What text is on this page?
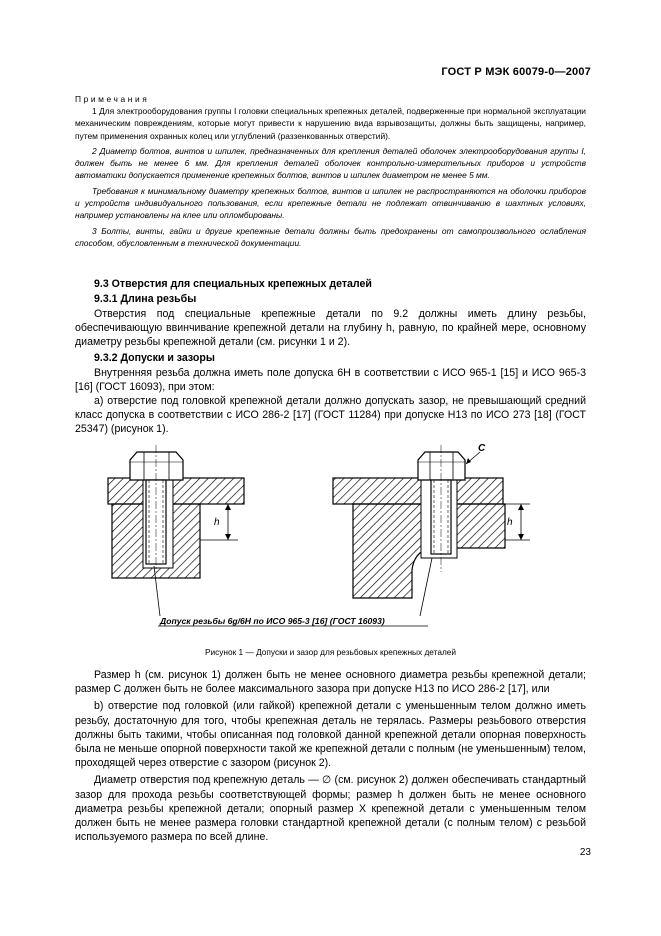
ГОСТ Р МЭК 60079-0—2007

Примечания

1 Для электрооборудования группы I головки специальных крепежных деталей, подверженные при нормальной эксплуатации механическим повреждениям, которые могут привести к нарушению вида взрывозащиты, должны быть защищены, например, путем применения охранных колец или углублений (раззенкованных отверстий).

2 Диаметр болтов, винтов и шпилек, предназначенных для крепления деталей оболочек электрооборудования группы I, должен быть не менее 6 мм. Для крепления деталей оболочек контрольно-измерительных приборов и устройств автоматики допускается применение крепежных болтов, винтов и шпилек диаметром не менее 5 мм.

Требования к минимальному диаметру крепежных болтов, винтов и шпилек не распространяются на оболочки приборов и устройств индивидуального пользования, если крепежные детали не подлежат отвинчиванию в шахтных условиях, например установлены на клее или опломбированы.

3 Болты, винты, гайки и другие крепежные детали должны быть предохранены от самопроизвольного ослабления способом, обусловленным в технической документации.

9.3 Отверстия для специальных крепежных деталей

9.3.1 Длина резьбы

Отверстия под специальные крепежные детали по 9.2 должны иметь длину резьбы, обеспечивающую ввинчивание крепежной детали на глубину h, равную, по крайней мере, основному диаметру резьбы крепежной детали (см. рисунки 1 и 2).

9.3.2 Допуски и зазоры

Внутренняя резьба должна иметь поле допуска 6Н в соответствии с ИСО 965-1 [15] и ИСО 965-3 [16] (ГОСТ 16093), при этом:

а) отверстие под головкой крепежной детали должно допускать зазор, не превышающий средний класс допуска в соответствии с ИСО 286-2 [17] (ГОСТ 11284) при допуске Н13 по ИСО 273 [18] (ГОСТ 25347) (рисунок 1).

h	h
C
Допуск резьбы 6g/6Н по ИСО 965-3 [16] (ГОСТ 16093)
Рисунок 1 — Допуски и зазор для резьбовых крепежных деталей

Размер h (см. рисунок 1) должен быть не менее основного диаметра резьбы крепежной детали; размер C должен быть не более максимального зазора при допуске Н13 по ИСО 286-2 [17], или

b) отверстие под головкой (или гайкой) крепежной детали с уменьшенным телом должно иметь резьбу, достаточную для того, чтобы крепежная деталь не терялась. Размеры резьбового отверстия должны быть такими, чтобы описанная под головкой данной крепежной детали опорная поверхность была не меньше опорной поверхности такой же крепежной детали с полным (не уменьшенным) телом, проходящей через отверстие с зазором (рисунок 2).

Диаметр отверстия под крепежную деталь — ∅ (см. рисунок 2) должен обеспечивать стандартный зазор для прохода резьбы соответствующей формы; размер h должен быть не менее основного диаметра резьбы крепежной детали; опорный размер X крепежной детали с уменьшенным телом должен быть не менее размера головки стандартной крепежной детали (с полным телом) с резьбой используемого размера по всей длине.

23
